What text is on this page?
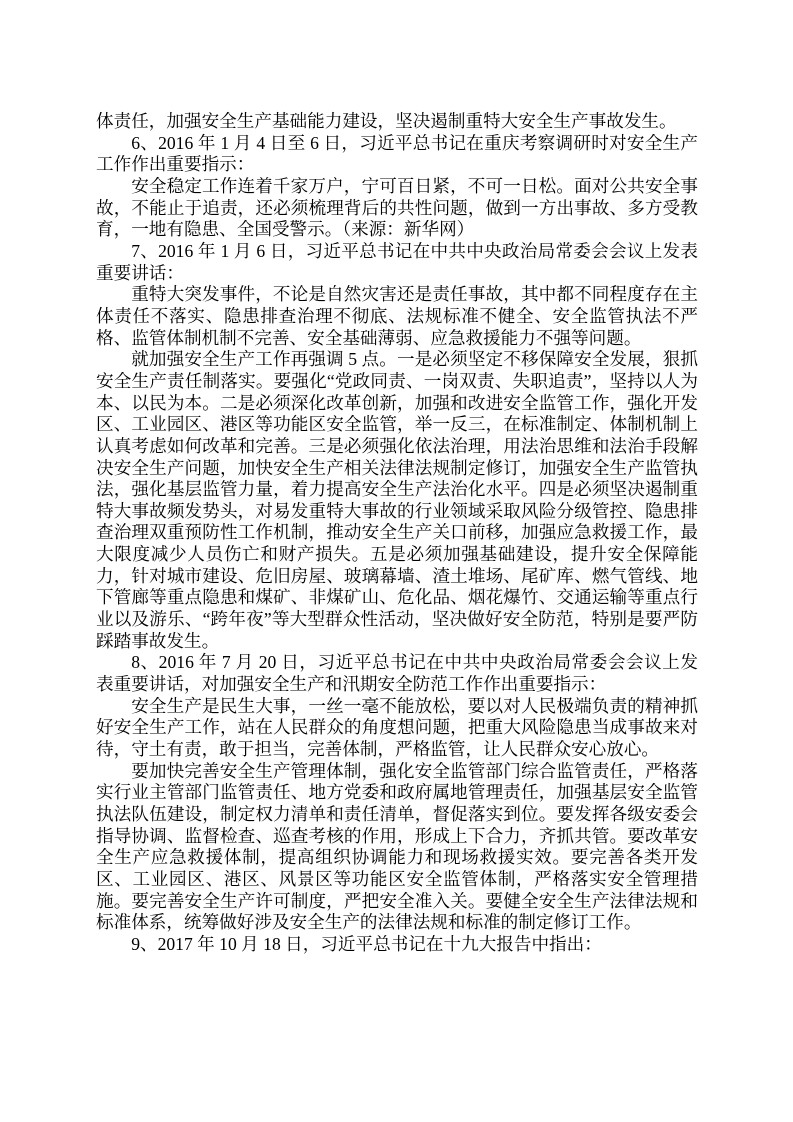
体责任，加强安全生产基础能力建设，坚决遏制重特大安全生产事故发生。

6、2016 年 1 月 4 日至 6 日，习近平总书记在重庆考察调研时对安全生产工作作出重要指示：

安全稳定工作连着千家万户，宁可百日紧，不可一日松。面对公共安全事故，不能止于追责，还必须梳理背后的共性问题，做到一方出事故、多方受教育，一地有隐患、全国受警示。（来源：新华网）

7、2016 年 1 月 6 日，习近平总书记在中共中央政治局常委会会议上发表重要讲话：

重特大突发事件，不论是自然灾害还是责任事故，其中都不同程度存在主体责任不落实、隐患排查治理不彻底、法规标准不健全、安全监管执法不严格、监管体制机制不完善、安全基础薄弱、应急救援能力不强等问题。

就加强安全生产工作再强调 5 点。一是必须坚定不移保障安全发展，狠抓安全生产责任制落实。要强化“党政同责、一岗双责、失职追责”，坚持以人为本、以民为本。二是必须深化改革创新，加强和改进安全监管工作，强化开发区、工业园区、港区等功能区安全监管，举一反三，在标准制定、体制机制上认真考虑如何改革和完善。三是必须强化依法治理，用法治思维和法治手段解决安全生产问题，加快安全生产相关法律法规制定修订，加强安全生产监管执法，强化基层监管力量，着力提高安全生产法治化水平。四是必须坚决遏制重特大事故频发势头，对易发重特大事故的行业领域采取风险分级管控、隐患排查治理双重预防性工作机制，推动安全生产关口前移，加强应急救援工作，最大限度减少人员伤亡和财产损失。五是必须加强基础建设，提升安全保障能力，针对城市建设、危旧房屋、玻璃幕墙、渣土堆场、尾矿库、燃气管线、地下管廊等重点隐患和煤矿、非煤矿山、危化品、烟花爆竹、交通运输等重点行业以及游乐、“跨年夜”等大型群众性活动，坚决做好安全防范，特别是要严防踩踏事故发生。

8、2016 年 7 月 20 日，习近平总书记在中共中央政治局常委会会议上发表重要讲话，对加强安全生产和汛期安全防范工作作出重要指示：

安全生产是民生大事，一丝一毫不能放松，要以对人民极端负责的精神抓好安全生产工作，站在人民群众的角度想问题，把重大风险隐患当成事故来对待，守土有责，敢于担当，完善体制，严格监管，让人民群众安心放心。

要加快完善安全生产管理体制，强化安全监管部门综合监管责任，严格落实行业主管部门监管责任、地方党委和政府属地管理责任，加强基层安全监管执法队伍建设，制定权力清单和责任清单，督促落实到位。要发挥各级安委会指导协调、监督检查、巡查考核的作用，形成上下合力，齐抓共管。要改革安全生产应急救援体制，提高组织协调能力和现场救援实效。要完善各类开发区、工业园区、港区、风景区等功能区安全监管体制，严格落实安全管理措施。要完善安全生产许可制度，严把安全准入关。要健全安全生产法律法规和标准体系，统筹做好涉及安全生产的法律法规和标准的制定修订工作。

9、2017 年 10 月 18 日，习近平总书记在十九大报告中指出：
